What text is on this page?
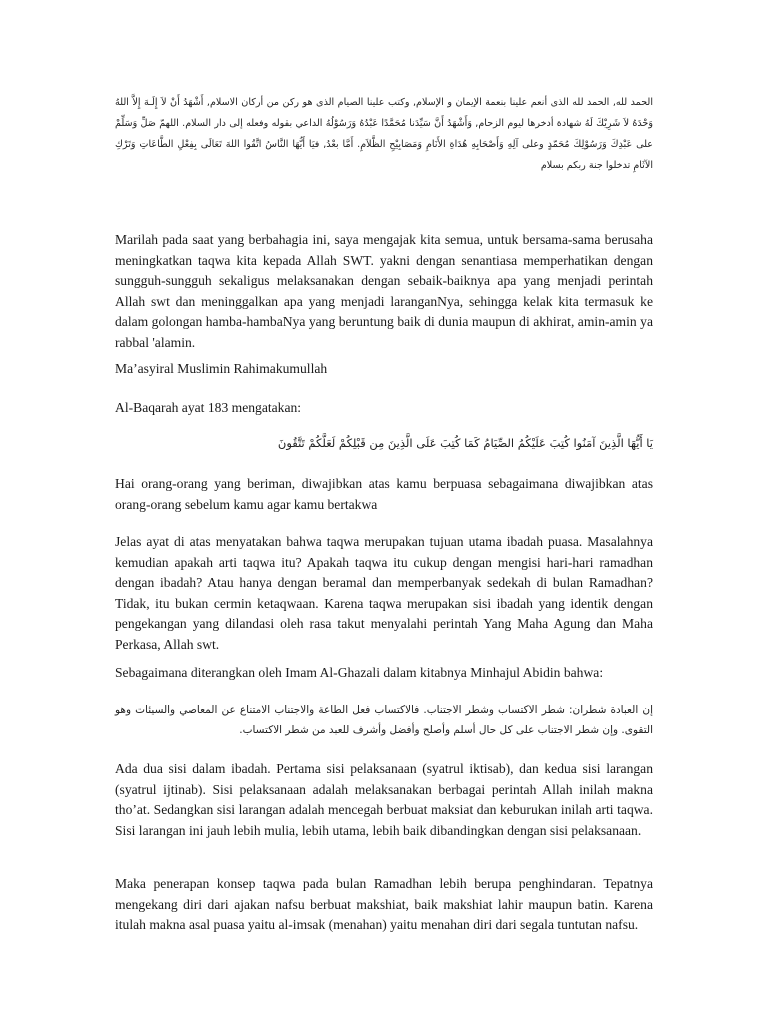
الحمد لله, الحمد لله الذى أنعم علينا بنعمة الإيمان و الإسلام, وكتب علينا الصيام الذى هو ركن من أركان الاسلام, أَشْهَدُ أَنْ لاَ إِلَـهَ إِلاَّ اللهُ وَحْدَهُ لاَ شَرِيْكَ لَهُ شهادة أدخرها ليوم الزحام, وَأَشْهَدُ أَنَّ سَيِّدَنا مُحَمَّدًا عَبْدُهُ وَرَسُوْلُهُ الداعي بقوله وفعله إلى دار السلام. اللهمّ صَلِّ وَسَلِّمْ على عَبْدِكَ وَرَسُوْلِكَ مُحَمّدٍ وعلى آلِهِ وَأَصْحَابِهِ هُدَاةِ الأَنَامِ وَمَصَابِيْحِ الظَّلاَمِ. أَمَّا بعْدُ, فيَا أَيُّهَا النَّاسُ اتَّقُوا اللهَ تَعَالَى بِفِعْلِ الطَّاعَاتِ وَتَرْكِ الآثَامِ تدخلوا جنة ربكم بسلام

Marilah pada saat yang berbahagia ini, saya mengajak kita semua, untuk bersama-sama berusaha meningkatkan taqwa kita kepada Allah SWT. yakni dengan senantiasa memperhatikan dengan sungguh-sungguh sekaligus melaksanakan dengan sebaik-baiknya apa yang menjadi perintah Allah swt dan meninggalkan apa yang menjadi laranganNya, sehingga kelak kita termasuk ke dalam golongan hamba-hambaNya yang beruntung baik di dunia maupun di akhirat, amin-amin ya rabbal 'alamin.

Ma’asyiral Muslimin Rahimakumullah

Al-Baqarah ayat 183 mengatakan:

يَا أَيُّهَا الَّذِينَ آمَنُوا كُتِبَ عَلَيْكُمُ الصِّيَامُ كَمَا كُتِبَ عَلَى الَّذِينَ مِن قَبْلِكُمْ لَعَلَّكُمْ تَتَّقُونَ

Hai orang-orang yang beriman, diwajibkan atas kamu berpuasa sebagaimana diwajibkan atas orang-orang sebelum kamu agar kamu bertakwa

Jelas ayat di atas menyatakan bahwa taqwa merupakan tujuan utama ibadah puasa. Masalahnya kemudian apakah arti taqwa itu? Apakah taqwa itu cukup dengan mengisi hari-hari ramadhan dengan ibadah? Atau hanya dengan beramal dan memperbanyak sedekah di bulan Ramadhan? Tidak, itu bukan cermin ketaqwaan. Karena taqwa merupakan sisi ibadah yang identik dengan pengekangan yang dilandasi oleh rasa takut menyalahi perintah Yang Maha Agung dan Maha Perkasa, Allah swt.

Sebagaimana diterangkan oleh Imam Al-Ghazali dalam kitabnya Minhajul Abidin bahwa:

إن العبادة شطران: شطر الاكتساب وشطر الاجتناب. فالاكتساب فعل الطاعة والاجتناب الامتناع عن المعاصي والسيئات وهو التقوى. وإن شطر الاجتناب على كل حال أسلم وأصلح وأفضل وأشرف للعبد من شطر الاكتساب.

Ada dua sisi dalam ibadah. Pertama sisi pelaksanaan (syatrul iktisab), dan kedua sisi larangan (syatrul ijtinab). Sisi pelaksanaan adalah melaksanakan berbagai perintah Allah inilah makna tho’at. Sedangkan sisi larangan adalah mencegah berbuat maksiat dan keburukan inilah arti taqwa. Sisi larangan ini jauh lebih mulia, lebih utama, lebih baik dibandingkan dengan sisi pelaksanaan.

Maka penerapan konsep taqwa pada bulan Ramadhan lebih berupa penghindaran. Tepatnya mengekang diri dari ajakan nafsu berbuat makshiat, baik makshiat lahir maupun batin. Karena itulah makna asal puasa yaitu al-imsak (menahan) yaitu menahan diri dari segala tuntutan nafsu.
